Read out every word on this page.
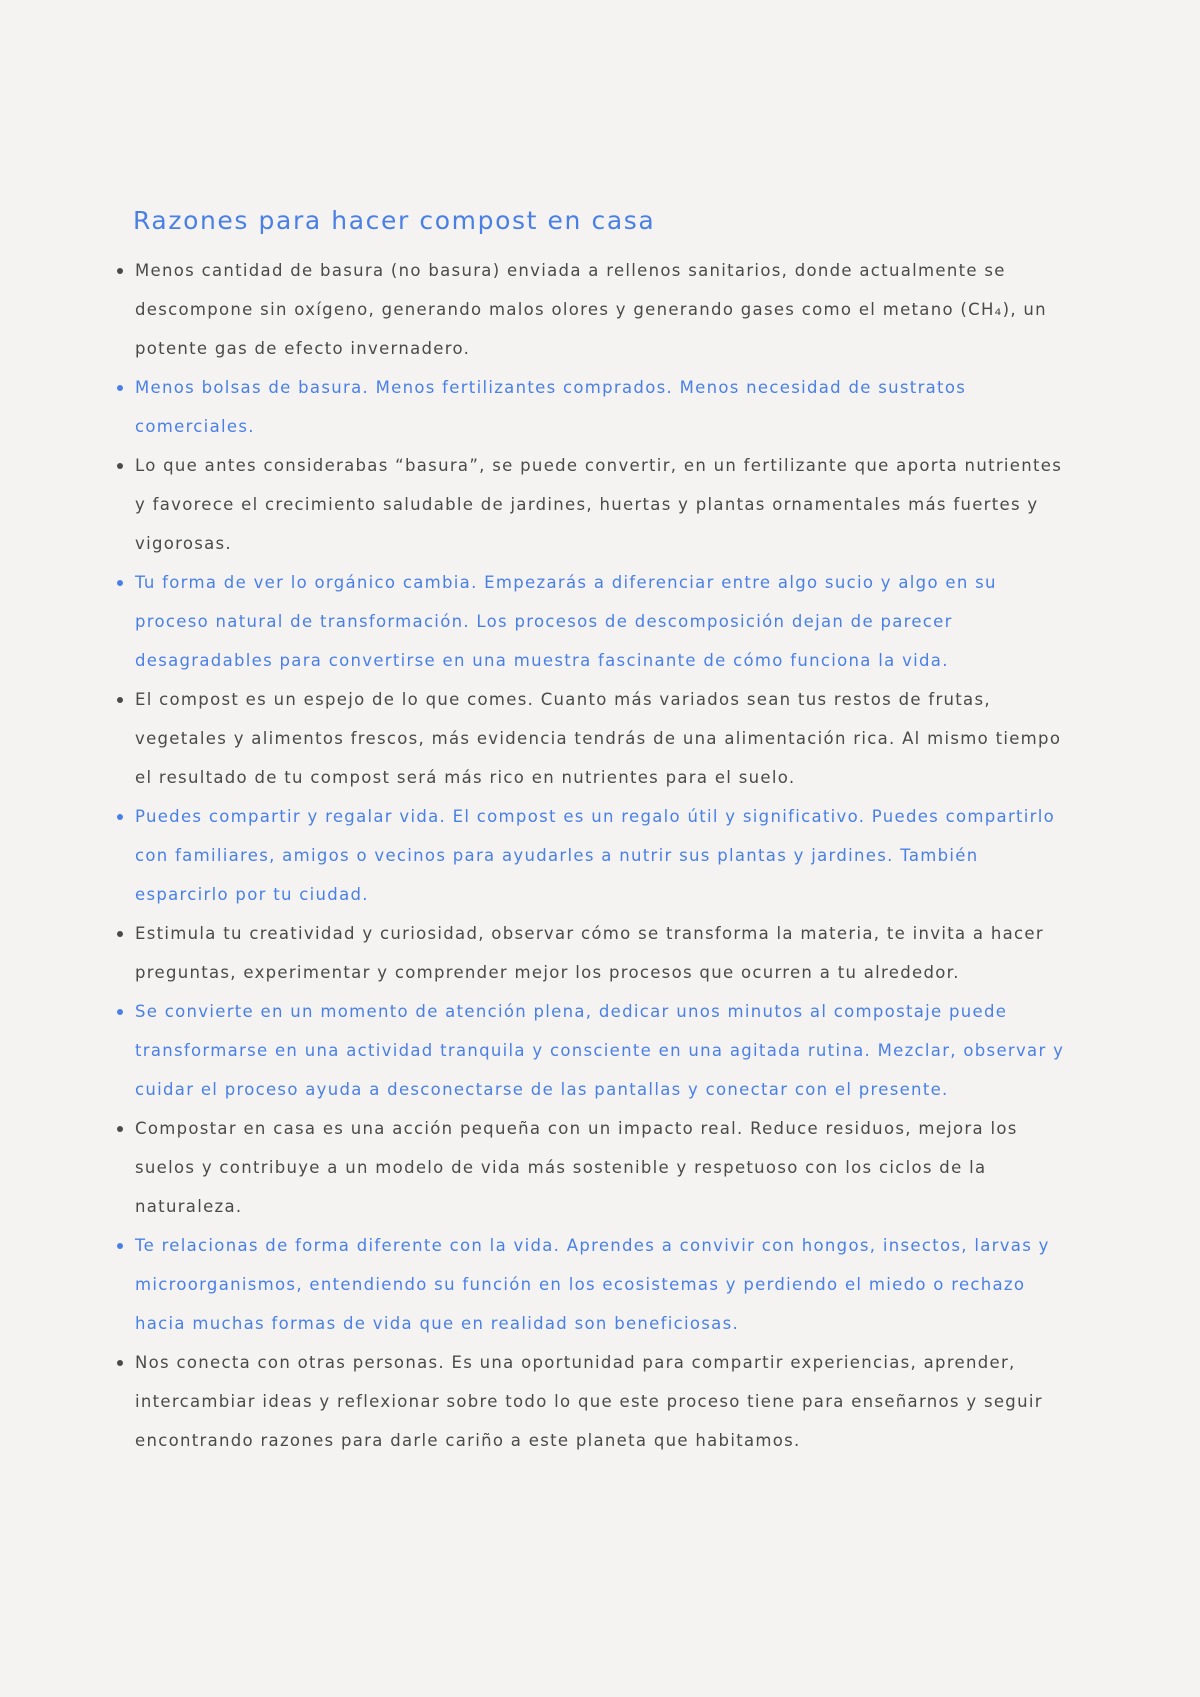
Razones para hacer compost en casa
Menos cantidad de basura (no basura) enviada a rellenos sanitarios, donde actualmente se descompone sin oxígeno, generando malos olores y generando gases como el metano (CH₄), un potente gas de efecto invernadero.
Menos bolsas de basura. Menos fertilizantes comprados. Menos necesidad de sustratos comerciales.
Lo que antes considerabas “basura”, se puede convertir, en un fertilizante que aporta nutrientes y favorece el crecimiento saludable de jardines, huertas y plantas ornamentales más fuertes y vigorosas.
Tu forma de ver lo orgánico cambia. Empezarás a diferenciar entre algo sucio y algo en su proceso natural de transformación. Los procesos de descomposición dejan de parecer desagradables para convertirse en una muestra fascinante de cómo funciona la vida.
El compost es un espejo de lo que comes. Cuanto más variados sean tus restos de frutas, vegetales y alimentos frescos, más evidencia tendrás de una alimentación rica. Al mismo tiempo el resultado de tu compost será más rico en nutrientes para el suelo.
Puedes compartir y regalar vida. El compost es un regalo útil y significativo. Puedes compartirlo con familiares, amigos o vecinos para ayudarles a nutrir sus plantas y jardines. También esparcirlo por tu ciudad.
Estimula tu creatividad y curiosidad, observar cómo se transforma la materia, te invita a hacer preguntas, experimentar y comprender mejor los procesos que ocurren a tu alrededor.
Se convierte en un momento de atención plena, dedicar unos minutos al compostaje puede transformarse en una actividad tranquila y consciente en una agitada rutina. Mezclar, observar y cuidar el proceso ayuda a desconectarse de las pantallas y conectar con el presente.
Compostar en casa es una acción pequeña con un impacto real. Reduce residuos, mejora los suelos y contribuye a un modelo de vida más sostenible y respetuoso con los ciclos de la naturaleza.
Te relacionas de forma diferente con la vida. Aprendes a convivir con hongos, insectos, larvas y microorganismos, entendiendo su función en los ecosistemas y perdiendo el miedo o rechazo hacia muchas formas de vida que en realidad son beneficiosas.
Nos conecta con otras personas. Es una oportunidad para compartir experiencias, aprender, intercambiar ideas y reflexionar sobre todo lo que este proceso tiene para enseñarnos y seguir encontrando razones para darle cariño a este planeta que habitamos.
